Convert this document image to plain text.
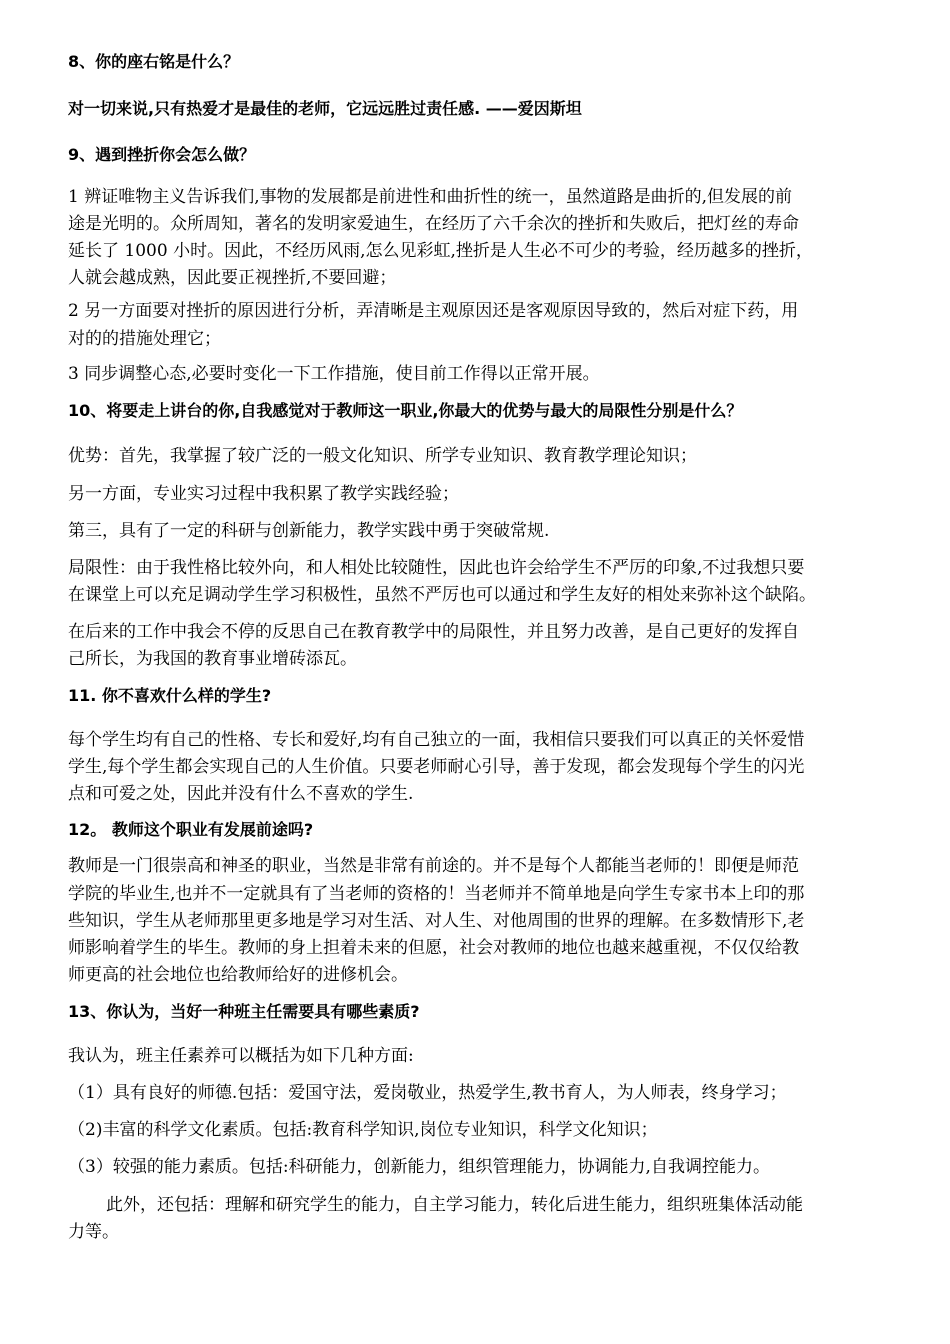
8、你的座右铭是什么？
对一切来说,只有热爱才是最佳的老师，它远远胜过责任感. ——爱因斯坦
9、遇到挫折你会怎么做？
1 辨证唯物主义告诉我们,事物的发展都是前进性和曲折性的统一，虽然道路是曲折的,但发展的前
途是光明的。众所周知，著名的发明家爱迪生，在经历了六千余次的挫折和失败后，把灯丝的寿命
延长了 1000 小时。因此，不经历风雨,怎么见彩虹,挫折是人生必不可少的考验，经历越多的挫折，
人就会越成熟，因此要正视挫折,不要回避；
2 另一方面要对挫折的原因进行分析，弄清晰是主观原因还是客观原因导致的，然后对症下药，用
对的的措施处理它；
3 同步调整心态,必要时变化一下工作措施，使目前工作得以正常开展。
10、将要走上讲台的你,自我感觉对于教师这一职业,你最大的优势与最大的局限性分别是什么？
优势：首先，我掌握了较广泛的一般文化知识、所学专业知识、教育教学理论知识；
另一方面，专业实习过程中我积累了教学实践经验；
第三，具有了一定的科研与创新能力，教学实践中勇于突破常规.
局限性：由于我性格比较外向，和人相处比较随性，因此也许会给学生不严厉的印象,不过我想只要
在课堂上可以充足调动学生学习积极性，虽然不严厉也可以通过和学生友好的相处来弥补这个缺陷。
在后来的工作中我会不停的反思自己在教育教学中的局限性，并且努力改善，是自己更好的发挥自
己所长，为我国的教育事业增砖添瓦。
11. 你不喜欢什么样的学生?
每个学生均有自己的性格、专长和爱好,均有自己独立的一面，我相信只要我们可以真正的关怀爱惜
学生,每个学生都会实现自己的人生价值。只要老师耐心引导，善于发现，都会发现每个学生的闪光
点和可爱之处，因此并没有什么不喜欢的学生.
12。 教师这个职业有发展前途吗?
教师是一门很崇高和神圣的职业，当然是非常有前途的。并不是每个人都能当老师的！即便是师范
学院的毕业生,也并不一定就具有了当老师的资格的！当老师并不简单地是向学生专家书本上印的那
些知识，学生从老师那里更多地是学习对生活、对人生、对他周围的世界的理解。在多数情形下,老
师影响着学生的毕生。教师的身上担着未来的但愿，社会对教师的地位也越来越重视，不仅仅给教
师更高的社会地位也给教师给好的进修机会。
13、你认为，当好一种班主任需要具有哪些素质?
我认为，班主任素养可以概括为如下几种方面:
（1）具有良好的师德.包括：爱国守法，爱岗敬业，热爱学生,教书育人，为人师表，终身学习；
（2)丰富的科学文化素质。包括:教育科学知识,岗位专业知识，科学文化知识；
（3）较强的能力素质。包括:科研能力，创新能力，组织管理能力，协调能力,自我调控能力。
此外，还包括：理解和研究学生的能力，自主学习能力，转化后进生能力，组织班集体活动能
力等。
